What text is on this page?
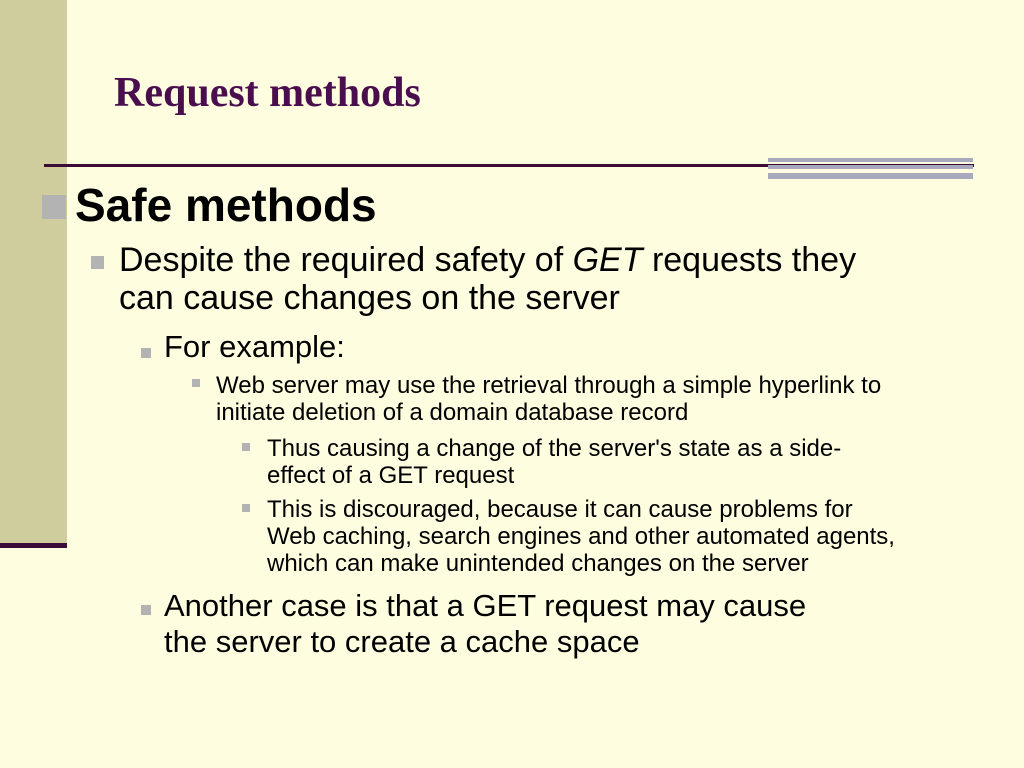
Request methods

Safe methods

Despite the required safety of GET requests they
can cause changes on the server

For example:

Web server may use the retrieval through a simple hyperlink to
initiate deletion of a domain database record

Thus causing a change of the server's state as a side-
effect of a GET request

This is discouraged, because it can cause problems for
Web caching, search engines and other automated agents,
which can make unintended changes on the server

Another case is that a GET request may cause
the server to create a cache space
